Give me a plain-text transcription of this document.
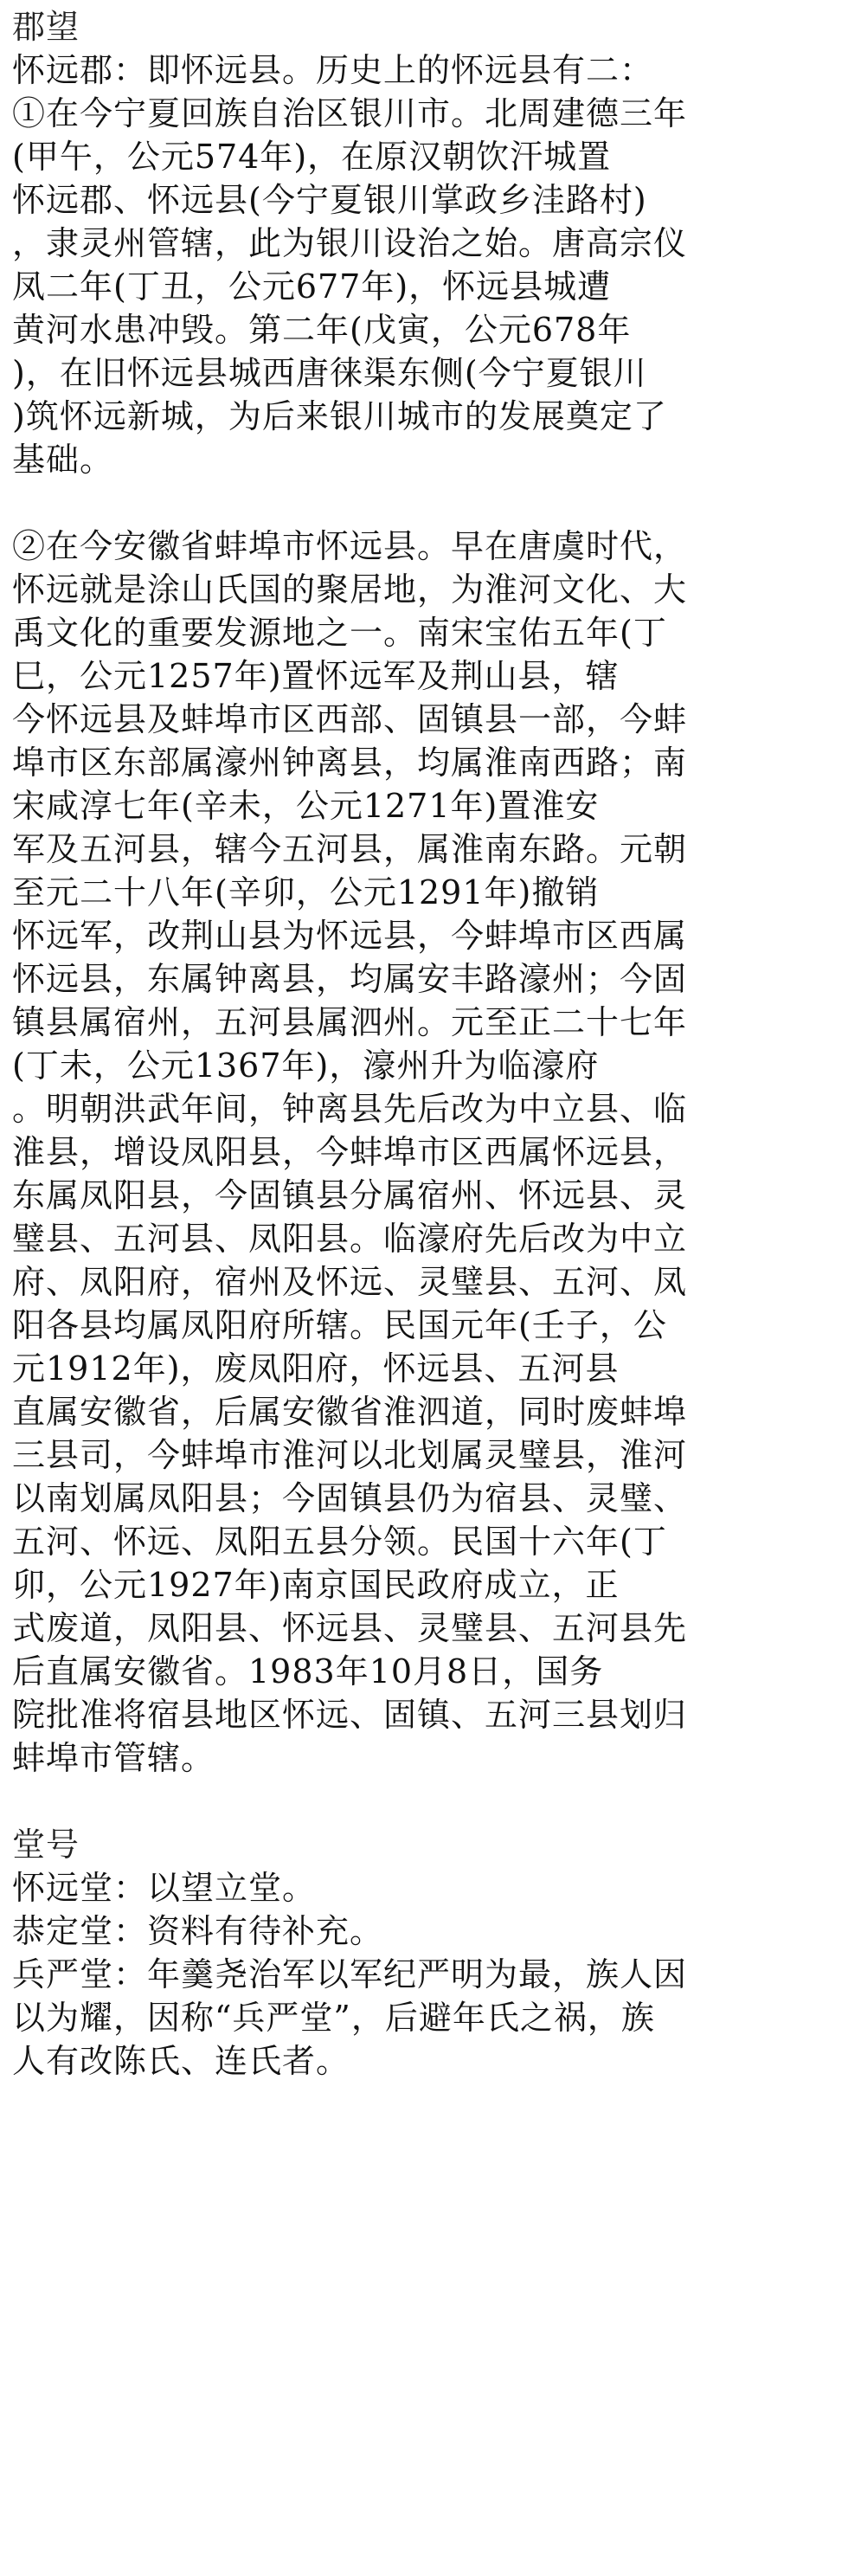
郡望
怀远郡：即怀远县。历史上的怀远县有二：
①在今宁夏回族自治区银川市。北周建德三年
(甲午，公元574年)，在原汉朝饮汗城置
怀远郡、怀远县(今宁夏银川掌政乡洼路村)
，隶灵州管辖，此为银川设治之始。唐高宗仪
凤二年(丁丑，公元677年)，怀远县城遭
黄河水患冲毁。第二年(戊寅，公元678年
)，在旧怀远县城西唐徕渠东侧(今宁夏银川
)筑怀远新城，为后来银川城市的发展奠定了
基础。
②在今安徽省蚌埠市怀远县。早在唐虞时代，
怀远就是涂山氏国的聚居地，为淮河文化、大
禹文化的重要发源地之一。南宋宝佑五年(丁
巳，公元1257年)置怀远军及荆山县，辖
今怀远县及蚌埠市区西部、固镇县一部，今蚌
埠市区东部属濠州钟离县，均属淮南西路；南
宋咸淳七年(辛未，公元1271年)置淮安
军及五河县，辖今五河县，属淮南东路。元朝
至元二十八年(辛卯，公元1291年)撤销
怀远军，改荆山县为怀远县，今蚌埠市区西属
怀远县，东属钟离县，均属安丰路濠州；今固
镇县属宿州，五河县属泗州。元至正二十七年
(丁未，公元1367年)，濠州升为临濠府
。明朝洪武年间，钟离县先后改为中立县、临
淮县，增设凤阳县，今蚌埠市区西属怀远县，
东属凤阳县，今固镇县分属宿州、怀远县、灵
璧县、五河县、凤阳县。临濠府先后改为中立
府、凤阳府，宿州及怀远、灵璧县、五河、凤
阳各县均属凤阳府所辖。民国元年(壬子，公
元1912年)，废凤阳府，怀远县、五河县
直属安徽省，后属安徽省淮泗道，同时废蚌埠
三县司，今蚌埠市淮河以北划属灵璧县，淮河
以南划属凤阳县；今固镇县仍为宿县、灵璧、
五河、怀远、凤阳五县分领。民国十六年(丁
卯，公元1927年)南京国民政府成立，正
式废道，凤阳县、怀远县、灵璧县、五河县先
后直属安徽省。1983年10月8日，国务
院批准将宿县地区怀远、固镇、五河三县划归
蚌埠市管辖。
堂号
怀远堂：以望立堂。
恭定堂：资料有待补充。
兵严堂：年羹尧治军以军纪严明为最，族人因
以为耀，因称“兵严堂”，后避年氏之祸，族
人有改陈氏、连氏者。
